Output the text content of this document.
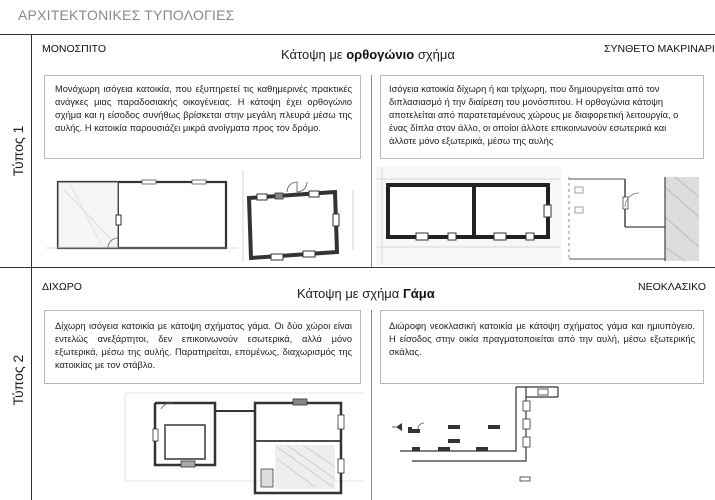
ΑΡΧΙΤΕΚΤΟΝΙΚΕΣ ΤΥΠΟΛΟΓΙΕΣ
Τύπος 1
Τύπος 2
ΜΟΝΟΣΠΙΤΟ	ΣΥΝΘΕΤΟ ΜΑΚΡΙΝΑΡΙ
Κάτοψη με ορθογώνιο σχήμα
Μονόχωρη ισόγεια κατοικία, που εξυπηρετεί τις καθημερινές πρακτικές ανάγκες μιας παραδοσιακής οικογένειας. Η κάτοψη έχει ορθογώνιο σχήμα και η είσοδος συνήθως βρίσκεται στην μεγάλη πλευρά μέσω της αυλής. Η κατοικία παρουσιάζει μικρά ανοίγματα προς τον δρόμο.
Ισόγεια κατοικία δίχωρη ή και τρίχωρη, που δημιουργείται από τον διπλασιασμό ή την διαίρεση του μονόσπιτου. Η ορθογώνια κάτοψη αποτελείται από παρατεταμένους χώρους με διαφορετική λειτουργία, ο ένας δίπλα στον άλλο, οι οποίοι άλλοτε επικοινωνούν εσωτερικά και άλλοτε μόνο εξωτερικά, μέσω της αυλής
ΔΙΧΩΡΟ	ΝΕΟΚΛΑΣΙΚΟ
Κάτοψη με σχήμα Γάμα
Δίχωρη ισόγεια κατοικία με κάτοψη σχήματος γάμα. Οι δύο χώροι είναι εντελώς ανεξάρτητοι, δεν επικοινωνούν εσωτερικά, αλλά μόνο εξωτερικά, μέσω της αυλής. Παρατηρείται, επομένως, διαχωρισμός της κατοικίας με τον στάβλο.
Διώροφη νεοκλασική κατοικία με κάτοψη σχήματος γάμα και ημιυπόγειο. Η είσοδος στην οικία πραγματοποιείται από την αυλή, μέσω εξωτερικής σκάλας.
